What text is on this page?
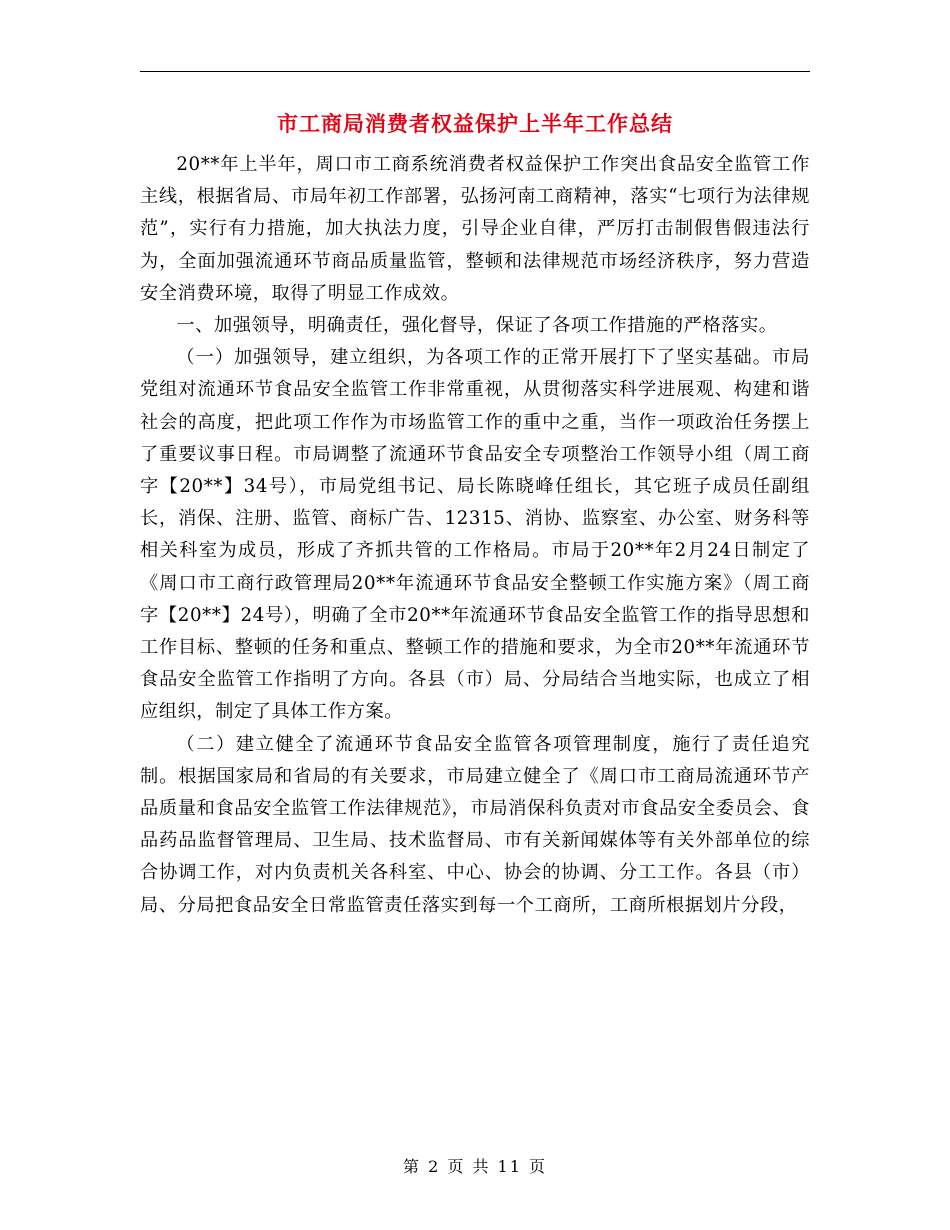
市工商局消费者权益保护上半年工作总结

20**年上半年，周口市工商系统消费者权益保护工作突出食品安全监管工作主线，根据省局、市局年初工作部署，弘扬河南工商精神，落实“七项行为法律规范”，实行有力措施，加大执法力度，引导企业自律，严厉打击制假售假违法行为，全面加强流通环节商品质量监管，整顿和法律规范市场经济秩序，努力营造安全消费环境，取得了明显工作成效。

一、加强领导，明确责任，强化督导，保证了各项工作措施的严格落实。

（一）加强领导，建立组织，为各项工作的正常开展打下了坚实基础。市局党组对流通环节食品安全监管工作非常重视，从贯彻落实科学进展观、构建和谐社会的高度，把此项工作作为市场监管工作的重中之重，当作一项政治任务摆上了重要议事日程。市局调整了流通环节食品安全专项整治工作领导小组（周工商字【20**】34号），市局党组书记、局长陈晓峰任组长，其它班子成员任副组长，消保、注册、监管、商标广告、12315、消协、监察室、办公室、财务科等相关科室为成员，形成了齐抓共管的工作格局。市局于20**年2月24日制定了《周口市工商行政管理局20**年流通环节食品安全整顿工作实施方案》（周工商字【20**】24号），明确了全市20**年流通环节食品安全监管工作的指导思想和工作目标、整顿的任务和重点、整顿工作的措施和要求，为全市20**年流通环节食品安全监管工作指明了方向。各县（市）局、分局结合当地实际，也成立了相应组织，制定了具体工作方案。

（二）建立健全了流通环节食品安全监管各项管理制度，施行了责任追究制。根据国家局和省局的有关要求，市局建立健全了《周口市工商局流通环节产品质量和食品安全监管工作法律规范》，市局消保科负责对市食品安全委员会、食品药品监督管理局、卫生局、技术监督局、市有关新闻媒体等有关外部单位的综合协调工作，对内负责机关各科室、中心、协会的协调、分工工作。各县（市）局、分局把食品安全日常监管责任落实到每一个工商所，工商所根据划片分段，

第 2 页 共 11 页
